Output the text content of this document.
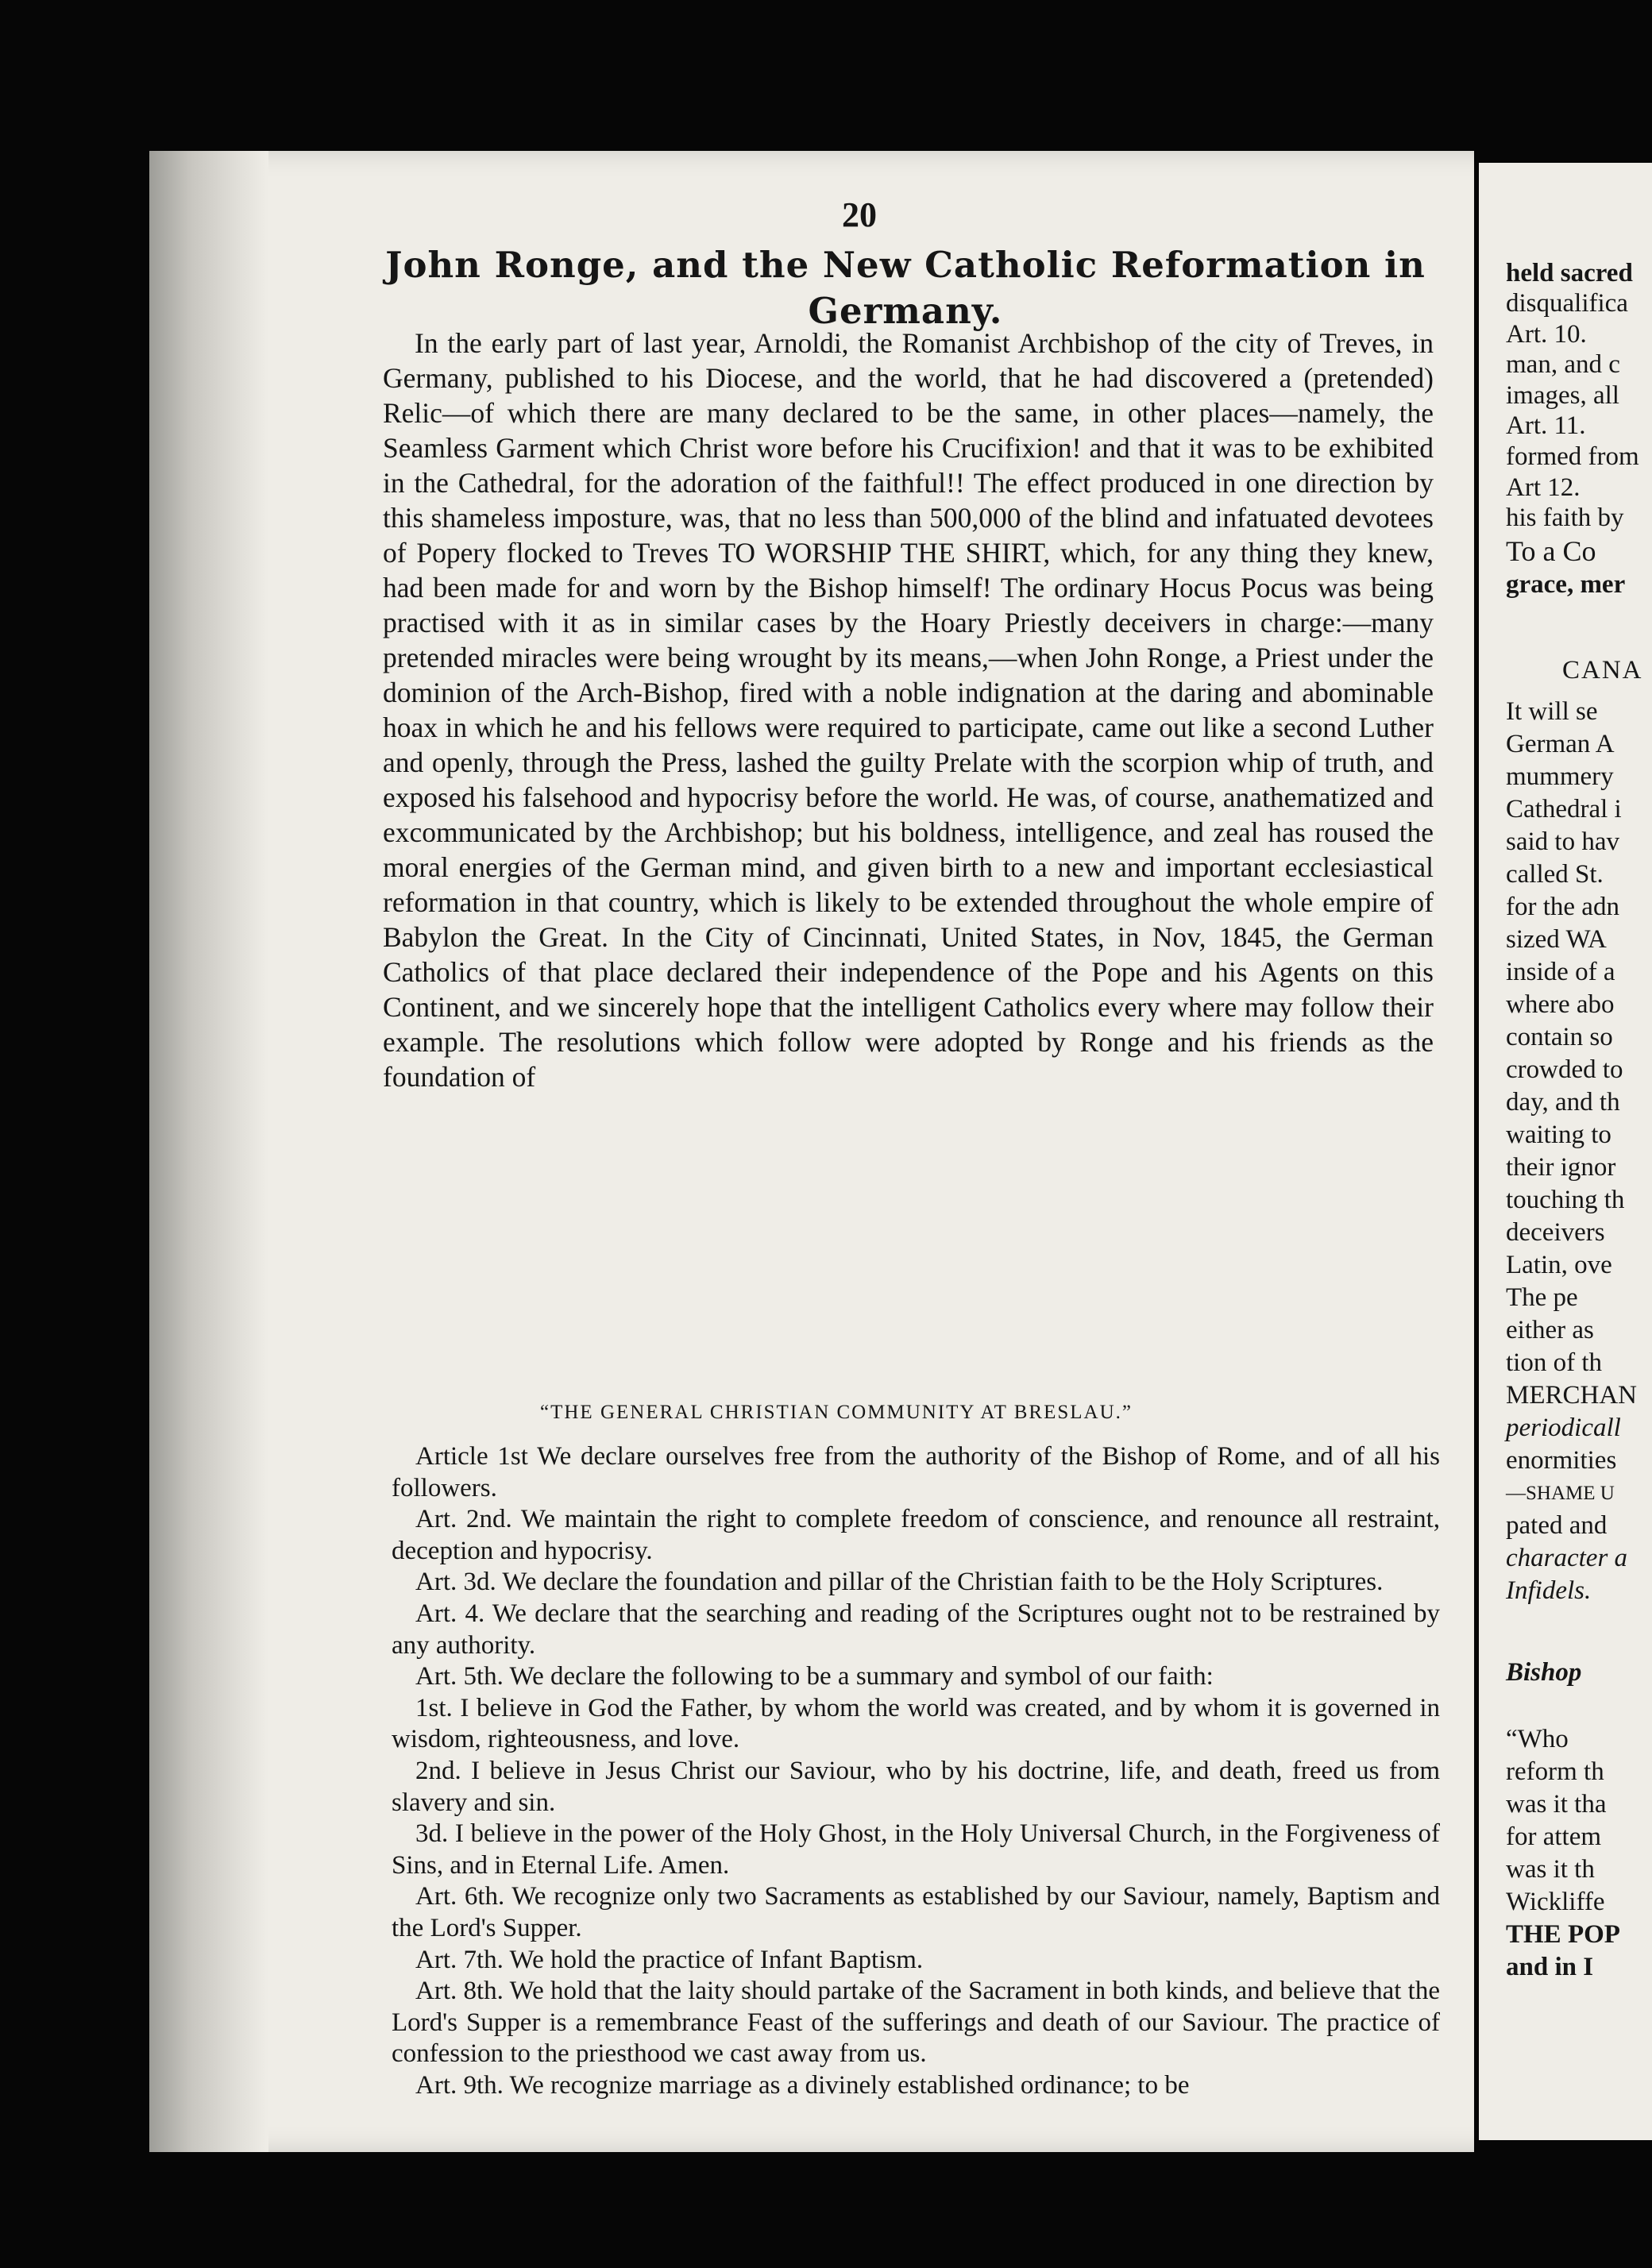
20
John Ronge, and the New Catholic Reformation in Germany.

In the early part of last year, Arnoldi, the Romanist Archbishop of the city of Treves, in Germany, published to his Diocese, and the world, that he had discovered a (pretended) Relic—of which there are many declared to be the same, in other places—namely, the Seamless Garment which Christ wore before his Crucifixion! and that it was to be exhibited in the Cathedral, for the adoration of the faithful!! The effect produced in one direction by this shameless imposture, was, that no less than 500,000 of the blind and infatuated devotees of Popery flocked to Treves TO WORSHIP THE SHIRT, which, for any thing they knew, had been made for and worn by the Bishop himself! The ordinary Hocus Pocus was being practised with it as in similar cases by the Hoary Priestly deceivers in charge:—many pretended miracles were being wrought by its means,—when John Ronge, a Priest under the dominion of the Arch-Bishop, fired with a noble indignation at the daring and abominable hoax in which he and his fellows were required to participate, came out like a second Luther and openly, through the Press, lashed the guilty Prelate with the scorpion whip of truth, and exposed his falsehood and hypocrisy before the world. He was, of course, anathematized and excommunicated by the Archbishop; but his boldness, intelligence, and zeal has roused the moral energies of the German mind, and given birth to a new and important ecclesiastical reformation in that country, which is likely to be extended throughout the whole empire of Babylon the Great. In the City of Cincinnati, United States, in Nov, 1845, the German Catholics of that place declared their independence of the Pope and his Agents on this Continent, and we sincerely hope that the intelligent Catholics every where may follow their example. The resolutions which follow were adopted by Ronge and his friends as the foundation of

“THE GENERAL CHRISTIAN COMMUNITY AT BRESLAU.”

Article 1st We declare ourselves free from the authority of the Bishop of Rome, and of all his followers.

Art. 2nd. We maintain the right to complete freedom of conscience, and renounce all restraint, deception and hypocrisy.

Art. 3d. We declare the foundation and pillar of the Christian faith to be the Holy Scriptures.

Art. 4. We declare that the searching and reading of the Scriptures ought not to be restrained by any authority.

Art. 5th. We declare the following to be a summary and symbol of our faith:

1st. I believe in God the Father, by whom the world was created, and by whom it is governed in wisdom, righteousness, and love.

2nd. I believe in Jesus Christ our Saviour, who by his doctrine, life, and death, freed us from slavery and sin.

3d. I believe in the power of the Holy Ghost, in the Holy Universal Church, in the Forgiveness of Sins, and in Eternal Life. Amen.

Art. 6th. We recognize only two Sacraments as established by our Saviour, namely, Baptism and the Lord's Supper.

Art. 7th. We hold the practice of Infant Baptism.

Art. 8th. We hold that the laity should partake of the Sacrament in both kinds, and believe that the Lord's Supper is a remembrance Feast of the sufferings and death of our Saviour. The practice of confession to the priesthood we cast away from us.

Art. 9th. We recognize marriage as a divinely established ordinance; to be

held sacred
disqualifica
Art. 10.
man, and c
images, all
Art. 11.
formed from
Art 12.
his faith by
To a Co
grace, mer
CANA
It will se
German A
mummery
Cathedral i
said to hav
called St.
for the adn
sized WA
inside of a
where abo
contain so
crowded to
day, and th
waiting to
their ignor
touching th
deceivers
Latin, ove
The pe
either as
tion of th
MERCHAN
periodicall
enormities
—SHAME U
pated and
character a
Infidels.
Bishop
“Who
reform th
was it tha
for attem
was it th
Wickliffe
THE POP
and in I
